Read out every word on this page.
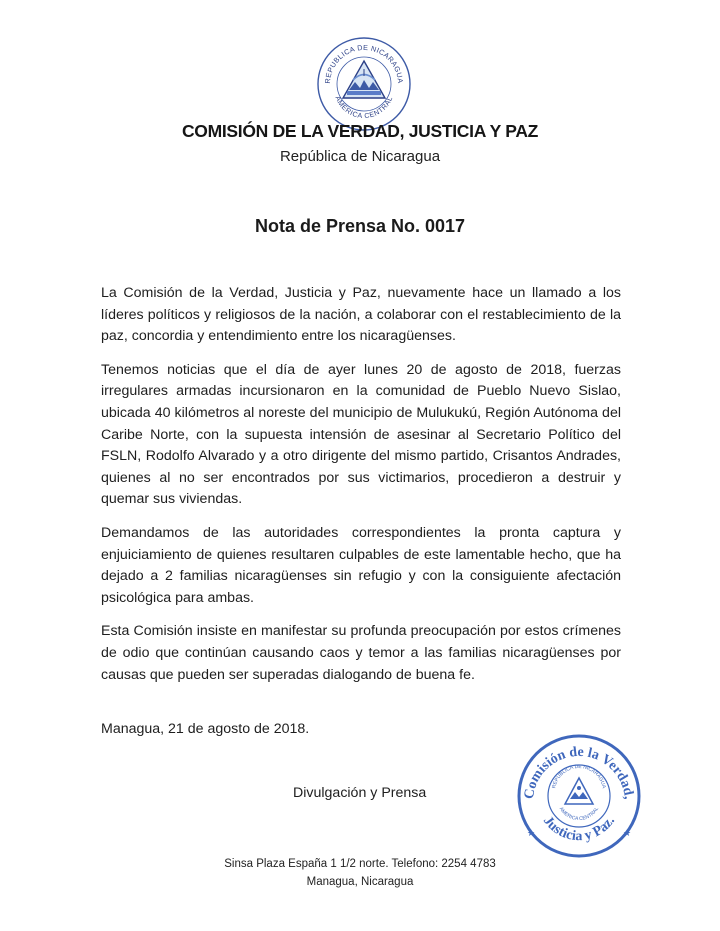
REPUBLICA DE NICARAGUA
AMERICA CENTRAL
COMISIÓN DE LA VERDAD, JUSTICIA Y PAZ
República de Nicaragua
Nota de Prensa No. 0017

La Comisión de la Verdad, Justicia y Paz, nuevamente hace un llamado a los líderes políticos y religiosos de la nación, a colaborar con el restablecimiento de la paz, concordia y entendimiento entre los nicaragüenses.

Tenemos noticias que el día de ayer lunes 20 de agosto de 2018, fuerzas irregulares armadas incursionaron en la comunidad de Pueblo Nuevo Sislao, ubicada 40 kilómetros al noreste del municipio de Mulukukú, Región Autónoma del Caribe Norte, con la supuesta intensión de asesinar al Secretario Político del FSLN, Rodolfo Alvarado y a otro dirigente del mismo partido, Crisantos Andrades, quienes al no ser encontrados por sus victimarios, procedieron a destruir y quemar sus viviendas.

Demandamos de las autoridades correspondientes la pronta captura y enjuiciamiento de quienes resultaren culpables de este lamentable hecho, que ha dejado a 2 familias nicaragüenses sin refugio y con la consiguiente afectación psicológica para ambas.

Esta Comisión insiste en manifestar su profunda preocupación por estos crímenes de odio que continúan causando caos y temor a las familias nicaragüenses por causas que pueden ser superadas dialogando de buena fe.

Managua, 21 de agosto de 2018.
Divulgación y Prensa	Comisión de la Verdad,
Justicia y Paz.
REPUBLICA DE NICARAGUA
AMERICA CENTRAL
★	★
Sinsa Plaza España 1 1/2 norte. Telefono: 2254 4783
Managua, Nicaragua
